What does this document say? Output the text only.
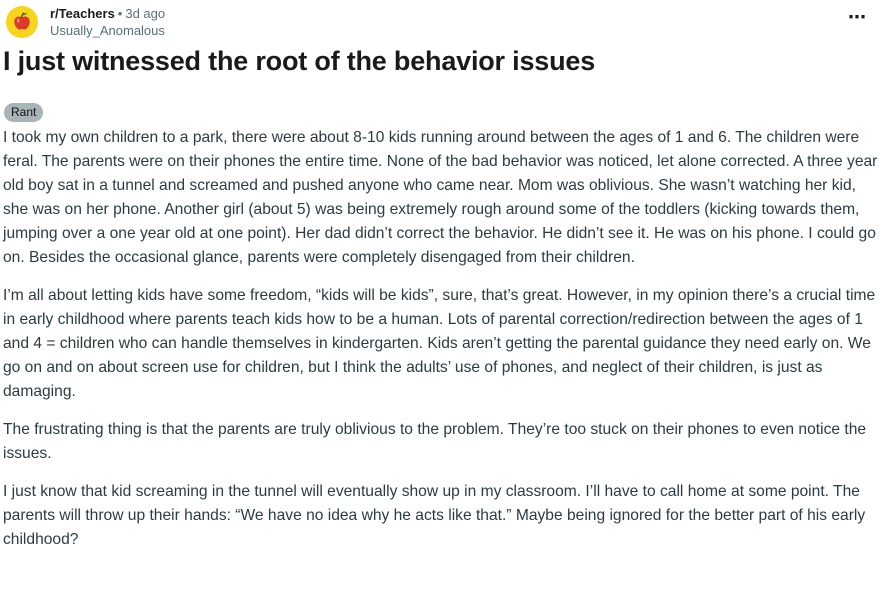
r/Teachers • 3d ago
Usually_Anomalous
⋯
I just witnessed the root of the behavior issues
Rant

I took my own children to a park, there were about 8-10 kids running around between the ages of 1 and 6. The children were feral. The parents were on their phones the entire time. None of the bad behavior was noticed, let alone corrected. A three year old boy sat in a tunnel and screamed and pushed anyone who came near. Mom was oblivious. She wasn’t watching her kid, she was on her phone. Another girl (about 5) was being extremely rough around some of the toddlers (kicking towards them, jumping over a one year old at one point). Her dad didn’t correct the behavior. He didn’t see it. He was on his phone. I could go on. Besides the occasional glance, parents were completely disengaged from their children.

I’m all about letting kids have some freedom, “kids will be kids”, sure, that’s great. However, in my opinion there’s a crucial time in early childhood where parents teach kids how to be a human. Lots of parental correction/redirection between the ages of 1 and 4 = children who can handle themselves in kindergarten. Kids aren’t getting the parental guidance they need early on. We go on and on about screen use for children, but I think the adults’ use of phones, and neglect of their children, is just as damaging.

The frustrating thing is that the parents are truly oblivious to the problem. They’re too stuck on their phones to even notice the issues.

I just know that kid screaming in the tunnel will eventually show up in my classroom. I’ll have to call home at some point. The parents will throw up their hands: “We have no idea why he acts like that.” Maybe being ignored for the better part of his early childhood?
